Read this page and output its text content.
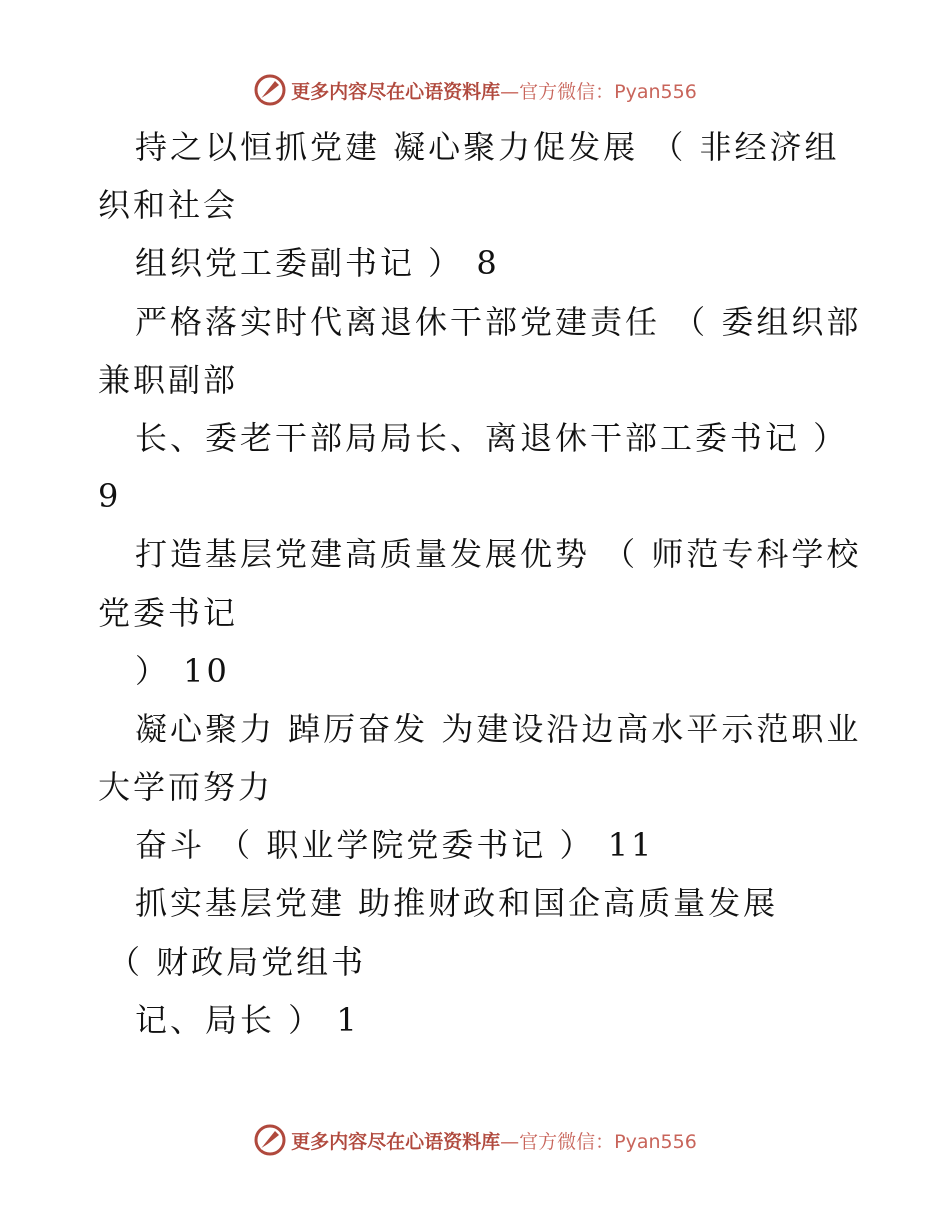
更多内容尽在心语资料库 —官方微信：Pyan556
持之以恒抓党建 凝心聚力促发展 （ 非经济组
织和社会
组织党工委副书记 ） 8
严格落实时代离退休干部党建责任 （ 委组织部
兼职副部
长、委老干部局局长、离退休干部工委书记 ）
9
打造基层党建高质量发展优势 （ 师范专科学校
党委书记
） 10
凝心聚力 踔厉奋发 为建设沿边高水平示范职业
大学而努力
奋斗 （ 职业学院党委书记 ） 11
抓实基层党建 助推财政和国企高质量发展
（ 财政局党组书
记、局长 ） 1
更多内容尽在心语资料库 —官方微信：Pyan556
